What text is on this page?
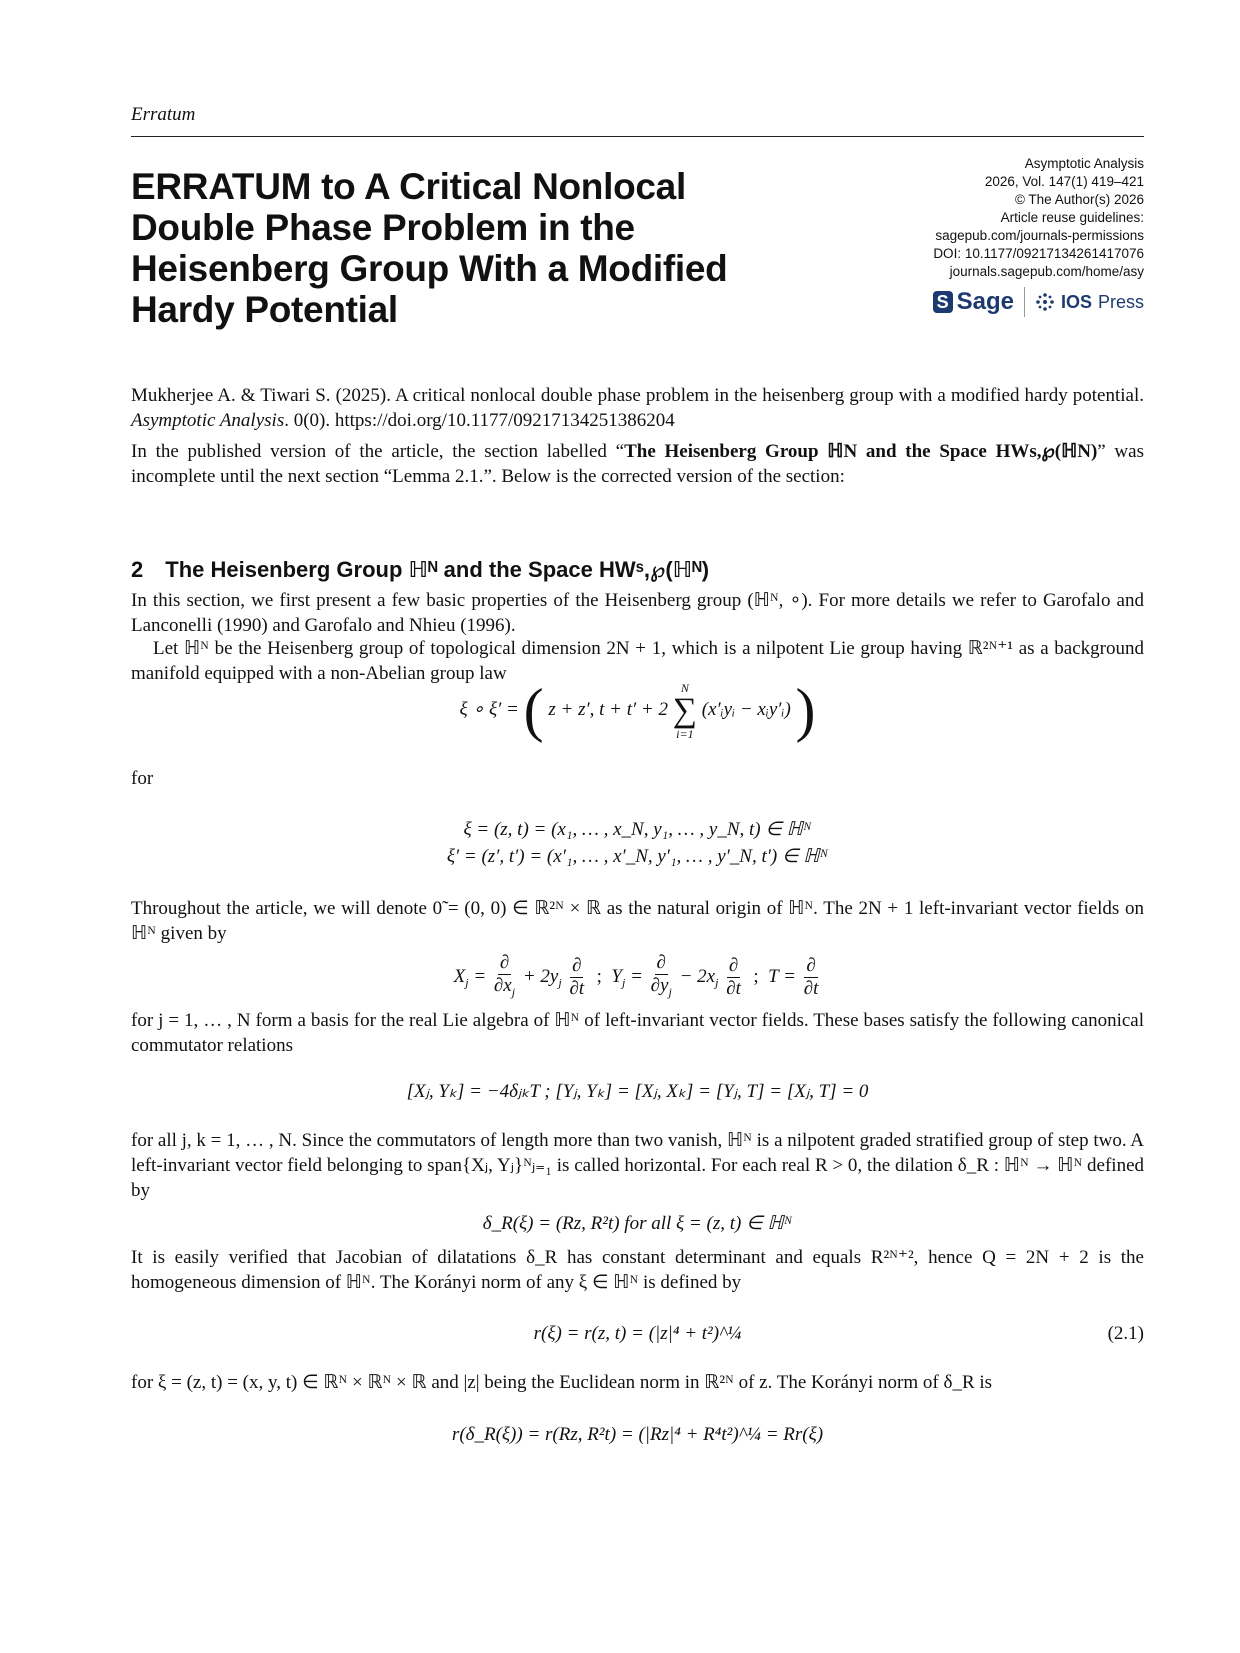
Erratum
ERRATUM to A Critical Nonlocal Double Phase Problem in the Heisenberg Group With a Modified Hardy Potential
Asymptotic Analysis
2026, Vol. 147(1) 419–421
© The Author(s) 2026
Article reuse guidelines:
sagepub.com/journals-permissions
DOI: 10.1177/09217134261417076
journals.sagepub.com/home/asy
S Sage	IOS Press
Mukherjee A. & Tiwari S. (2025). A critical nonlocal double phase problem in the heisenberg group with a modified hardy potential. Asymptotic Analysis. 0(0). https://doi.org/10.1177/09217134251386204
In the published version of the article, the section labelled “The Heisenberg Group ℍN and the Space HWs,℘(ℍN)” was incomplete until the next section “Lemma 2.1.”. Below is the corrected version of the section:
2 The Heisenberg Group ℍᴺ and the Space HWˢ,℘(ℍᴺ)
In this section, we first present a few basic properties of the Heisenberg group (ℍᴺ, ∘). For more details we refer to Garofalo and Lanconelli (1990) and Garofalo and Nhieu (1996).
Let ℍᴺ be the Heisenberg group of topological dimension 2N + 1, which is a nilpotent Lie group having ℝ²ᴺ⁺¹ as a background manifold equipped with a non-Abelian group law
ξ ∘ ξ′ = ( z + z′, t + t′ + 2
N
∑
i=1
(x′ᵢyᵢ − xᵢy′ᵢ) )
for
ξ = (z, t) = (x₁, … , x_N, y₁, … , y_N, t) ∈ ℍᴺ
ξ′ = (z′, t′) = (x′₁, … , x′_N, y′₁, … , y′_N, t′) ∈ ℍᴺ
Throughout the article, we will denote 0̃ = (0, 0) ∈ ℝ²ᴺ × ℝ as the natural origin of ℍᴺ. The 2N + 1 left-invariant vector fields on ℍᴺ given by
$X_j = \frac{\partial}{\partial x_j} + 2y_j \frac{\partial}{\partial t}$ ;  $Y_j = \frac{\partial}{\partial y_j} - 2x_j \frac{\partial}{\partial t}$ ;  $T = \frac{\partial}{\partial t}$
for j = 1, … , N form a basis for the real Lie algebra of ℍᴺ of left-invariant vector fields. These bases satisfy the following canonical commutator relations
[Xⱼ, Yₖ] = −4δⱼₖT ; [Yⱼ, Yₖ] = [Xⱼ, Xₖ] = [Yⱼ, T] = [Xⱼ, T] = 0
for all j, k = 1, … , N. Since the commutators of length more than two vanish, ℍᴺ is a nilpotent graded stratified group of step two. A left-invariant vector field belonging to span{Xⱼ, Yⱼ}ᴺⱼ₌₁ is called horizontal. For each real R > 0, the dilation δ_R : ℍᴺ → ℍᴺ defined by
δ_R(ξ) = (Rz, R²t) for all ξ = (z, t) ∈ ℍᴺ
It is easily verified that Jacobian of dilatations δ_R has constant determinant and equals R²ᴺ⁺², hence Q = 2N + 2 is the homogeneous dimension of ℍᴺ. The Korányi norm of any ξ ∈ ℍᴺ is defined by
r(ξ) = r(z, t) = (|z|⁴ + t²)^¼	(2.1)
for ξ = (z, t) = (x, y, t) ∈ ℝᴺ × ℝᴺ × ℝ and |z| being the Euclidean norm in ℝ²ᴺ of z. The Korányi norm of δ_R is
r(δ_R(ξ)) = r(Rz, R²t) = (|Rz|⁴ + R⁴t²)^¼ = Rr(ξ)
